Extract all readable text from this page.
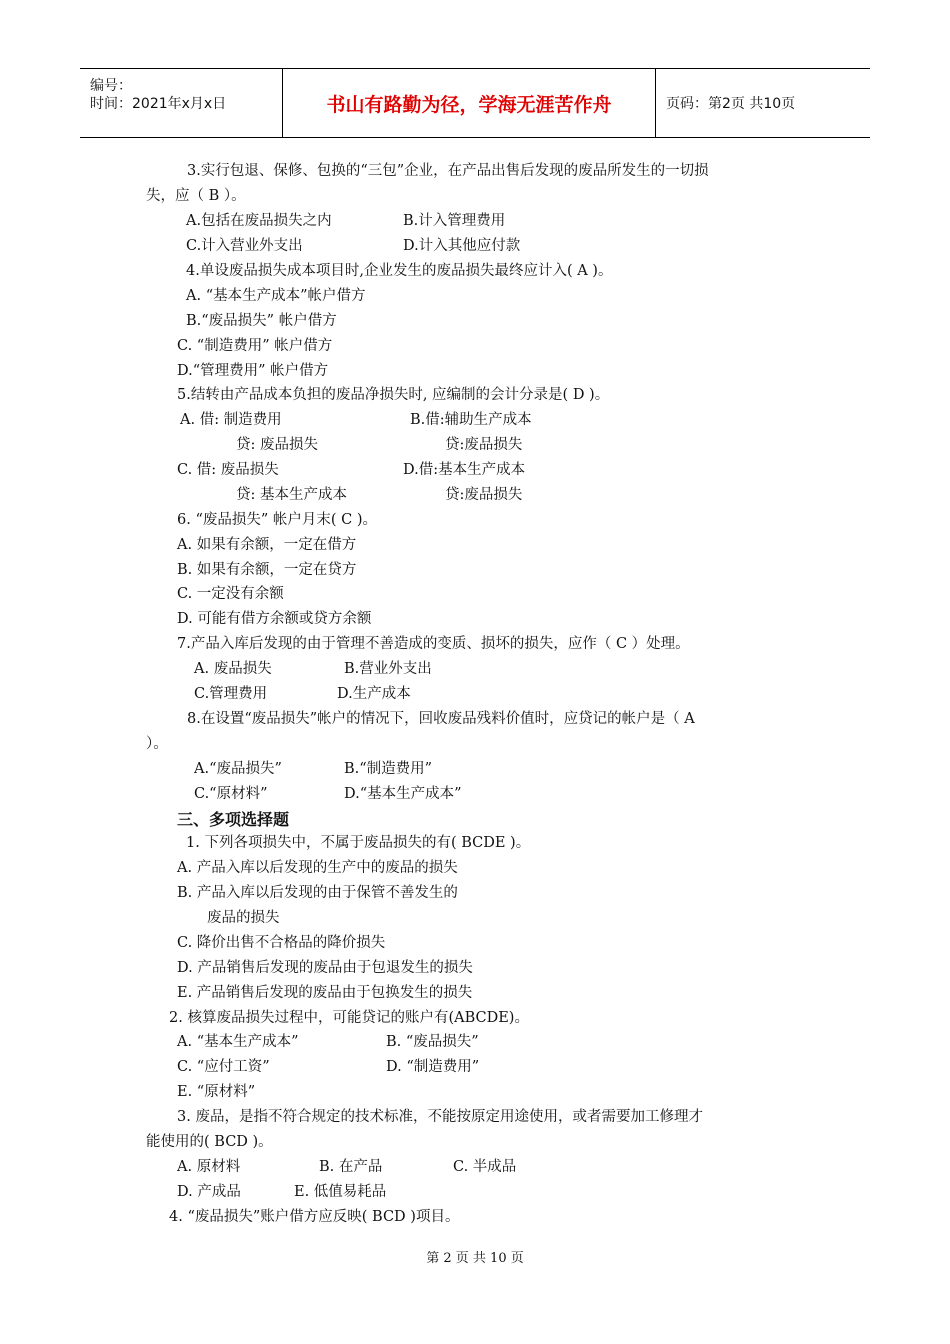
编号：
时间：2021年x月x日	书山有路勤为径，学海无涯苦作舟	页码：第2页 共10页
3.实行包退、保修、包换的“三包”企业，在产品出售后发现的废品所发生的一切损
失，应（ B ）。
A.包括在废品损失之内	B.计入管理费用
C.计入营业外支出	D.计入其他应付款
4.单设废品损失成本项目时,企业发生的废品损失最终应计入( A )。
A. “基本生产成本”帐户借方
B.“废品损失” 帐户借方
C. “制造费用” 帐户借方
D.“管理费用” 帐户借方
5.结转由产品成本负担的废品净损失时, 应编制的会计分录是( D )。
A. 借: 制造费用	B.借:辅助生产成本
贷: 废品损失	贷:废品损失
C. 借: 废品损失	D.借:基本生产成本
贷: 基本生产成本	贷:废品损失
6. “废品损失” 帐户月末( C )。
A. 如果有余额，一定在借方
B. 如果有余额，一定在贷方
C. 一定没有余额
D. 可能有借方余额或贷方余额
7.产品入库后发现的由于管理不善造成的变质、损坏的损失，应作（ C ）处理。
A. 废品损失	B.营业外支出
C.管理费用	D.生产成本
8.在设置“废品损失”帐户的情况下，回收废品残料价值时，应贷记的帐户是（ A
）。
A.“废品损失”	B.“制造费用”
C.“原材料”	D.“基本生产成本”
1. 下列各项损失中，不属于废品损失的有( BCDE )。
A. 产品入库以后发现的生产中的废品的损失
B. 产品入库以后发现的由于保管不善发生的
废品的损失
C. 降价出售不合格品的降价损失
D. 产品销售后发现的废品由于包退发生的损失
E. 产品销售后发现的废品由于包换发生的损失
2. 核算废品损失过程中，可能贷记的账户有(ABCDE)。
A. “基本生产成本”	B. “废品损失”
C. “应付工资”	D. “制造费用”
E. “原材料”
3. 废品，是指不符合规定的技术标准，不能按原定用途使用，或者需要加工修理才
能使用的( BCD )。
A. 原材料	B. 在产品	C. 半成品
D. 产成品	E. 低值易耗品
4. “废品损失”账户借方应反映( BCD )项目。
三、多项选择题
第 2 页 共 10 页
